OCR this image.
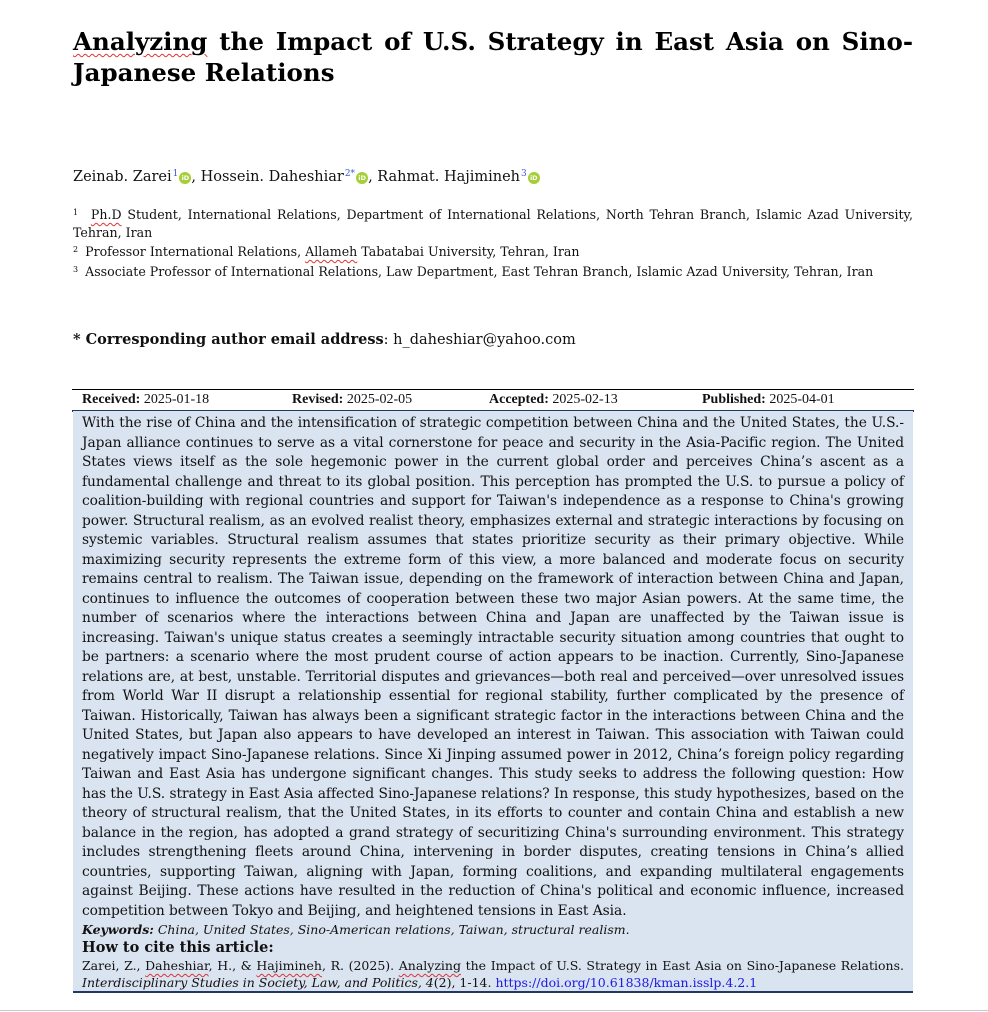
Analyzing the Impact of U.S. Strategy in East Asia on Sino-Japanese Relations
Zeinab. Zarei$^1$ iD , Hossein. Daheshiar$^{2*}$ iD , Rahmat. Hajimineh$^3$ iD

$^1$ Ph.D Student, International Relations, Department of International Relations, North Tehran Branch, Islamic Azad University, Tehran, Iran

$^2$ Professor International Relations, Allameh Tabatabai University, Tehran, Iran

$^3$ Associate Professor of International Relations, Law Department, East Tehran Branch, Islamic Azad University, Tehran, Iran

* Corresponding author email address: h_daheshiar@yahoo.com
Received: 2025-01-18	Revised: 2025-02-05	Accepted: 2025-02-13	Published: 2025-04-01

With the rise of China and the intensification of strategic competition between China and the United States, the U.S.-Japan alliance continues to serve as a vital cornerstone for peace and security in the Asia-Pacific region. The United States views itself as the sole hegemonic power in the current global order and perceives China’s ascent as a fundamental challenge and threat to its global position. This perception has prompted the U.S. to pursue a policy of coalition-building with regional countries and support for Taiwan's independence as a response to China's growing power. Structural realism, as an evolved realist theory, emphasizes external and strategic interactions by focusing on systemic variables. Structural realism assumes that states prioritize security as their primary objective. While maximizing security represents the extreme form of this view, a more balanced and moderate focus on security remains central to realism. The Taiwan issue, depending on the framework of interaction between China and Japan, continues to influence the outcomes of cooperation between these two major Asian powers. At the same time, the number of scenarios where the interactions between China and Japan are unaffected by the Taiwan issue is increasing. Taiwan's unique status creates a seemingly intractable security situation among countries that ought to be partners: a scenario where the most prudent course of action appears to be inaction. Currently, Sino-Japanese relations are, at best, unstable. Territorial disputes and grievances—both real and perceived—over unresolved issues from World War II disrupt a relationship essential for regional stability, further complicated by the presence of Taiwan. Historically, Taiwan has always been a significant strategic factor in the interactions between China and the United States, but Japan also appears to have developed an interest in Taiwan. This association with Taiwan could negatively impact Sino-Japanese relations. Since Xi Jinping assumed power in 2012, China’s foreign policy regarding Taiwan and East Asia has undergone significant changes. This study seeks to address the following question: How has the U.S. strategy in East Asia affected Sino-Japanese relations? In response, this study hypothesizes, based on the theory of structural realism, that the United States, in its efforts to counter and contain China and establish a new balance in the region, has adopted a grand strategy of securitizing China's surrounding environment. This strategy includes strengthening fleets around China, intervening in border disputes, creating tensions in China’s allied countries, supporting Taiwan, aligning with Japan, forming coalitions, and expanding multilateral engagements against Beijing. These actions have resulted in the reduction of China's political and economic influence, increased competition between Tokyo and Beijing, and heightened tensions in East Asia.

Keywords: China, United States, Sino-American relations, Taiwan, structural realism.

How to cite this article:

Zarei, Z., Daheshiar, H., & Hajimineh, R. (2025). Analyzing the Impact of U.S. Strategy in East Asia on Sino-Japanese Relations. Interdisciplinary Studies in Society, Law, and Politics, 4(2), 1-14. https://doi.org/10.61838/kman.isslp.4.2.1
